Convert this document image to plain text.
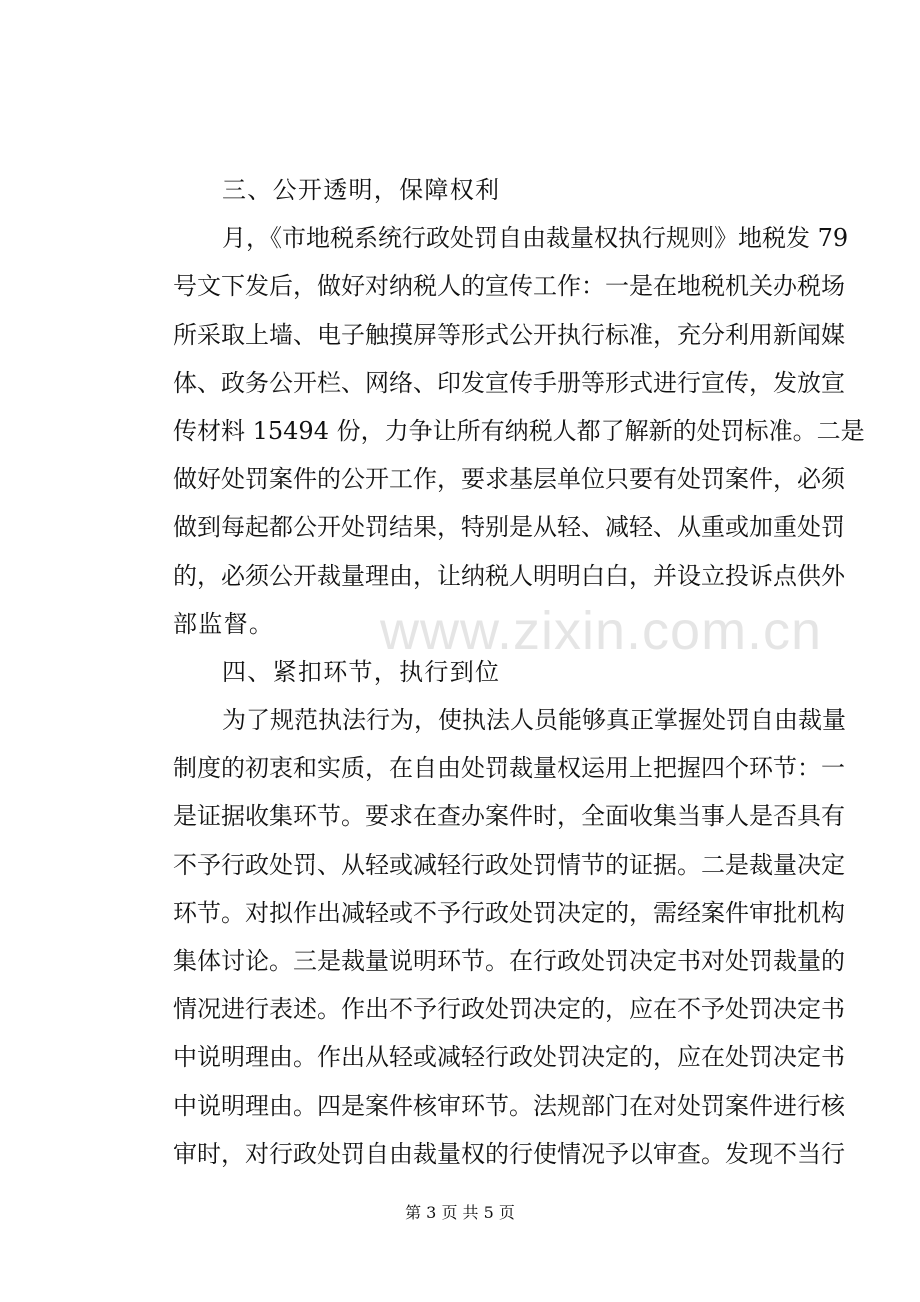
三、公开透明，保障权利
月，《市地税系统行政处罚自由裁量权执行规则》地税发 79
号文下发后，做好对纳税人的宣传工作：一是在地税机关办税场
所采取上墙、电子触摸屏等形式公开执行标准，充分利用新闻媒
体、政务公开栏、网络、印发宣传手册等形式进行宣传，发放宣
传材料 15494 份，力争让所有纳税人都了解新的处罚标准。二是
做好处罚案件的公开工作，要求基层单位只要有处罚案件，必须
做到每起都公开处罚结果，特别是从轻、减轻、从重或加重处罚
的，必须公开裁量理由，让纳税人明明白白，并设立投诉点供外
部监督。
四、紧扣环节，执行到位
为了规范执法行为，使执法人员能够真正掌握处罚自由裁量
制度的初衷和实质，在自由处罚裁量权运用上把握四个环节：一
是证据收集环节。要求在查办案件时，全面收集当事人是否具有
不予行政处罚、从轻或减轻行政处罚情节的证据。二是裁量决定
环节。对拟作出减轻或不予行政处罚决定的，需经案件审批机构
集体讨论。三是裁量说明环节。在行政处罚决定书对处罚裁量的
情况进行表述。作出不予行政处罚决定的，应在不予处罚决定书
中说明理由。作出从轻或减轻行政处罚决定的，应在处罚决定书
中说明理由。四是案件核审环节。法规部门在对处罚案件进行核
审时，对行政处罚自由裁量权的行使情况予以审查。发现不当行
www.zixin.com.cn
第 3 页 共 5 页
